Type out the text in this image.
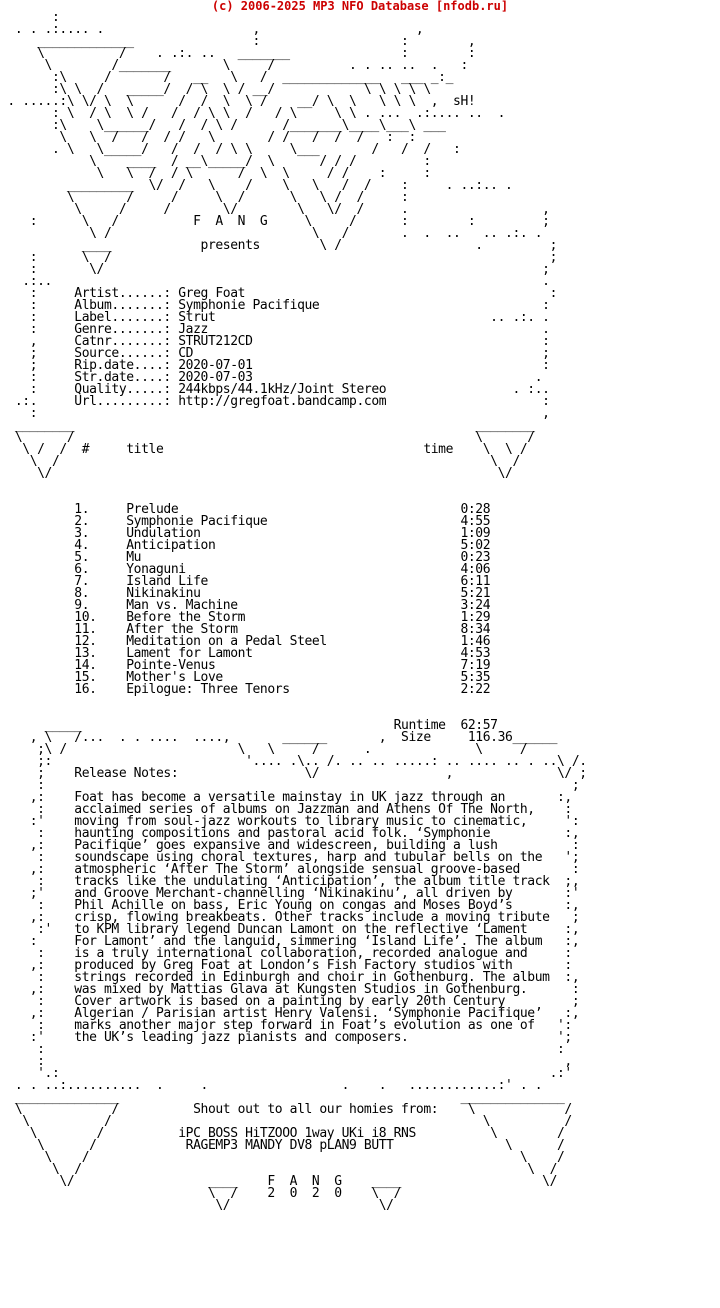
(c) 2006-2025 MP3 NFO Database [nfodb.ru]
:
. . .:.... .                    ,                     ,
_____________                :                   :        ,
\          /    . .:. ..   _______               :        :
\        /_______       \     /          . . .. ..  .   :
:\     /       /   __   \   /  _____________   ___ _:_
:\ \  /   _____/  / \  \ / __/            \ \ \ \ \
. .....:\ \/ \  \      /  /  \  \ /    __/ \  \   \ \ \  ,  sH!
: \  / \  \ /   /  / \ \  /   / \     \ \ . ...  .:.... ..  .
:\    \______/   /  / \ /      /_______\____\___\ ___
\   \  /   /  / /   \       / /   /  /  /   :  :
. \   \_____/   /  /  / \ \     \___       /   /  /   :
\    ____  / __\_____/  \      / / /         :
\   \  /  / \      /  \  \     / /    :     :
_________  \/  /   \    /    \   \   /  /    :     . ..:.. .
\       /     /     \  /      \   \ /  /     :
\     /     /       \/        \   \/  /     .                  ,
:      \   /          F  A  N  G     \     /      :        :         ;
\ /                           \   /       .  .  ..   .. .:. .
____            presents        \ /                  .         ;
:      \  /                                                           ;
:       \/                                                           ;
.:..                                                                  .
:     Artist......: Greg Foat                                         :
:     Album.......: Symphonie Pacifique                              :
:     Label.......: Strut                                     .. .:. .
:     Genre.......: Jazz                                             .
,     Catnr.......: STRUT212CD                                       :
;     Source......: CD                                               ;
;     Rip.date....: 2020-07-01                                       :
:     Str.date....: 2020-07-03                                      .
:     Quality.....: 244kbps/44.1kHz/Joint Stereo                 . :..
.:.     Url.........: http://gregfoat.bandcamp.com                     :
:                                                                    ,
________                                                      ________
\      /                                                      \      /
\ /  /  #     title                                   time    \  \ /
\  /                                                          \  /
\/                                                            \/

1.     Prelude                                      0:28
2.     Symphonie Pacifique                          4:55
3.     Undulation                                   1:09
4.     Anticipation                                 5:02
5.     Mu                                           0:23
6.     Yonaguni                                     4:06
7.     Island Life                                  6:11
8.     Nikinakinu                                   5:21
9.     Man vs. Machine                              3:24
10.    Before the Storm                             1:29
11.    After the Storm                              8:34
12.    Meditation on a Pedal Steel                  1:46
13.    Lament for Lamont                            4:53
14.    Pointe-Venus                                 7:19
15.    Mother's Love                                5:35
16.    Epilogue: Three Tenors                       2:22

_____                                          Runtime  62:57
, \   /...  . . ....  ....,       ______       ,  Size     116.36______
;\ /                       \   \     /      .              \     /
;:                          '.... .\.. /. .. .. .....: .. .... .. . ..\ /.
;    Release Notes:                 \/                 ,              \/ ;
:                                                                       ;
,:    Foat has become a versatile mainstay in UK jazz through an       :,
:    acclaimed series of albums on Jazzman and Athens Of The North,    :
:'    moving from soul-jazz workouts to library music to cinematic,     ':
:    haunting compositions and pastoral acid folk. ‘Symphonie          :,
,:    Pacifique’ goes expansive and widescreen, building a lush          :
:    soundscape using choral textures, harp and tubular bells on the   ';
,:    atmospheric ‘After The Storm’ alongside sensual groove-based       :
:    tracks like the undulating ‘Anticipation’, the album title track  ;,
;'    and Groove Merchant-channelling ‘Nikinakinu’, all driven by       :'
:    Phil Achille on bass, Eric Young on congas and Moses Boyd’s       :,
,:    crisp, flowing breakbeats. Other tracks include a moving tribute   ;
:'   to KPM library legend Duncan Lamont on the reflective ‘Lament     :,
:     For Lamont’ and the languid, simmering ‘Island Life’. The album   :,
:    is a truly international collaboration, recorded analogue and     :
,:    produced by Greg Foat at London’s Fish Factory studios with       :
:    strings recorded in Edinburgh and choir in Gothenburg. The album  :,
,:    was mixed by Mattias Glava at Kungsten Studios in Gothenburg.      :
:    Cover artwork is based on a painting by early 20th Century         ;
,:    Algerian / Parisian artist Henry Valensi. ‘Symphonie Pacifique’   :,
:    marks another major step forward in Foat’s evolution as one of   ':
:'    the UK’s leading jazz pianists and composers.                    ';
:                                                                     :
:                                                                      ,
'.:                                                                  .:'
. . ..:..........  .     .                  .    .   ............:' . .
______________                                              ______________
\            /          Shout out to all our homies from:    \            /
\          /                                                  \          /
\        /          iPC BOSS HiTZOOO 1way UKi i8 RNS          \        /
\      /            RAGEMP3 MANDY DV8 pLAN9 BUTT               \      /
\    /                                                          \    /
\  /                                                            \  /
\/                  ____    F  A  N  G    ____                   \/
\  /    2  0  2  0    \  /
\/                    \/
